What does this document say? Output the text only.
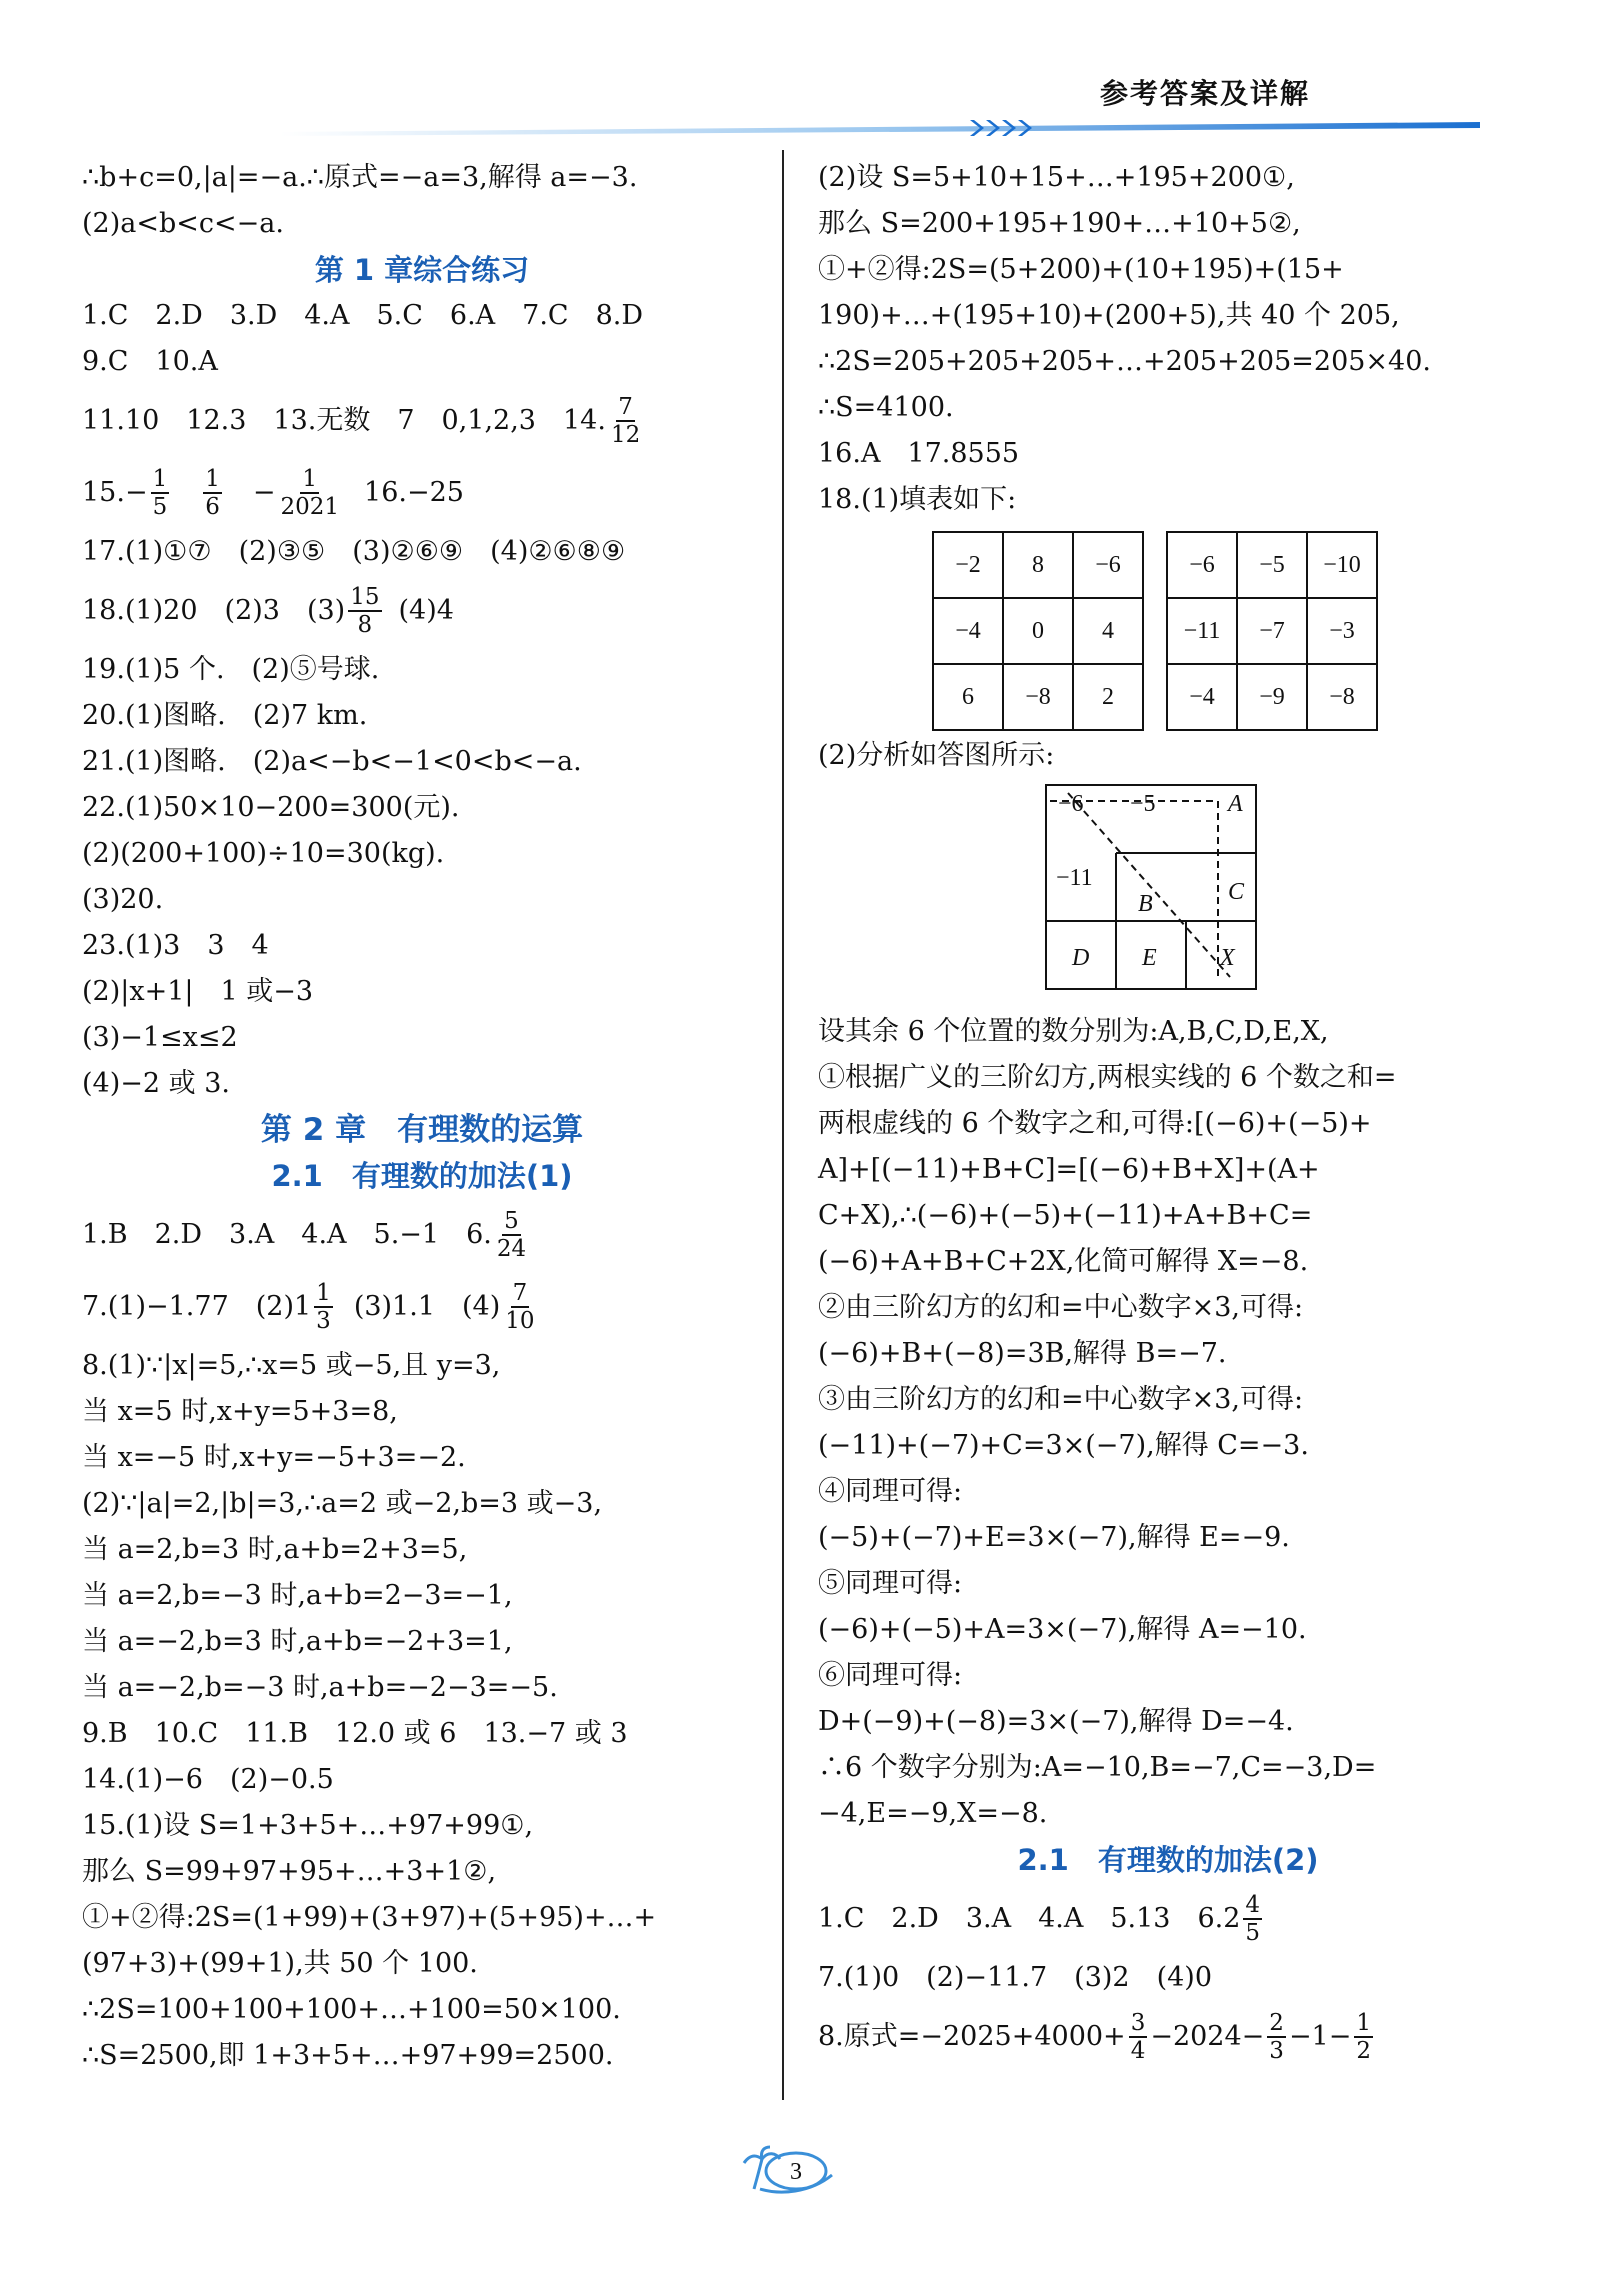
参考答案及详解
∴b+c=0,|a|=−a.∴原式=−a=3,解得 a=−3.
(2)a<b<c<−a.
第 1 章综合练习
1.C　2.D　3.D　4.A　5.C　6.A　7.C　8.D
9.C　10.A
11.10　12.3　13.无数　7　0,1,2,3　14. $\frac{7}{12}$
$15.- \frac{1}{5} \frac{1}{6} - \frac{1}{2021} 16.-25$
17.(1)①⑦　(2)③⑤　(3)②⑥⑨　(4)②⑥⑧⑨
18.(1)20　(2)3　$(3) \frac{15}{8} (4)4$
19.(1)5 个.　(2)⑤号球.
20.(1)图略.　(2)7 km.
21.(1)图略.　(2)a<−b<−1<0<b<−a.
22.(1)50×10−200=300(元).
(2)(200+100)÷10=30(kg).
(3)20.
23.(1)3　3　4
(2)|x+1|　1 或−3
(3)−1≤x≤2
(4)−2 或 3.
第 2 章　有理数的运算
2.1　有理数的加法(1)
1.B　2.D　3.A　4.A　5.−1　6. $\frac{5}{24}$
7.(1)−1.77　$(2)1 \frac{1}{3} (3)1.1$　$(4) \frac{7}{10}$
8.(1)∵|x|=5,∴x=5 或−5,且 y=3,
当 x=5 时,x+y=5+3=8,
当 x=−5 时,x+y=−5+3=−2.
(2)∵|a|=2,|b|=3,∴a=2 或−2,b=3 或−3,
当 a=2,b=3 时,a+b=2+3=5,
当 a=2,b=−3 时,a+b=2−3=−1,
当 a=−2,b=3 时,a+b=−2+3=1,
当 a=−2,b=−3 时,a+b=−2−3=−5.
9.B　10.C　11.B　12.0 或 6　13.−7 或 3
14.(1)−6　(2)−0.5
15.(1)设 S=1+3+5+…+97+99①,
那么 S=99+97+95+…+3+1②,
①+②得:2S=(1+99)+(3+97)+(5+95)+…+
(97+3)+(99+1),共 50 个 100.
∴2S=100+100+100+…+100=50×100.
∴S=2500,即 1+3+5+…+97+99=2500.
(2)设 S=5+10+15+…+195+200①,
那么 S=200+195+190+…+10+5②,
①+②得:2S=(5+200)+(10+195)+(15+
190)+…+(195+10)+(200+5),共 40 个 205,
∴2S=205+205+205+…+205+205=205×40.
∴S=4100.
16.A　17.8555
18.(1)填表如下:
−2	8	−6
−4	0	4
6	−8	2
−6	−5	−10
−11	−7	−3
−4	−9	−8
(2)分析如答图所示:
−6 −5	A
−11
B	C
D E	X
设其余 6 个位置的数分别为:A,B,C,D,E,X,
①根据广义的三阶幻方,两根实线的 6 个数之和=
两根虚线的 6 个数字之和,可得:[(−6)+(−5)+
A]+[(−11)+B+C]=[(−6)+B+X]+(A+
C+X),∴(−6)+(−5)+(−11)+A+B+C=
(−6)+A+B+C+2X,化简可解得 X=−8.
②由三阶幻方的幻和=中心数字×3,可得:
(−6)+B+(−8)=3B,解得 B=−7.
③由三阶幻方的幻和=中心数字×3,可得:
(−11)+(−7)+C=3×(−7),解得 C=−3.
④同理可得:
(−5)+(−7)+E=3×(−7),解得 E=−9.
⑤同理可得:
(−6)+(−5)+A=3×(−7),解得 A=−10.
⑥同理可得:
D+(−9)+(−8)=3×(−7),解得 D=−4.
∴6 个数字分别为:A=−10,B=−7,C=−3,D=
−4,E=−9,X=−8.
2.1　有理数的加法(2)
1.C　2.D　3.A　4.A　5.13　$6.2 \frac{4}{5}$
7.(1)0　(2)−11.7　(3)2　(4)0
8.原式$=-2025+4000+ \frac{3}{4} -2024- \frac{2}{3} -1- \frac{1}{2}$
3
